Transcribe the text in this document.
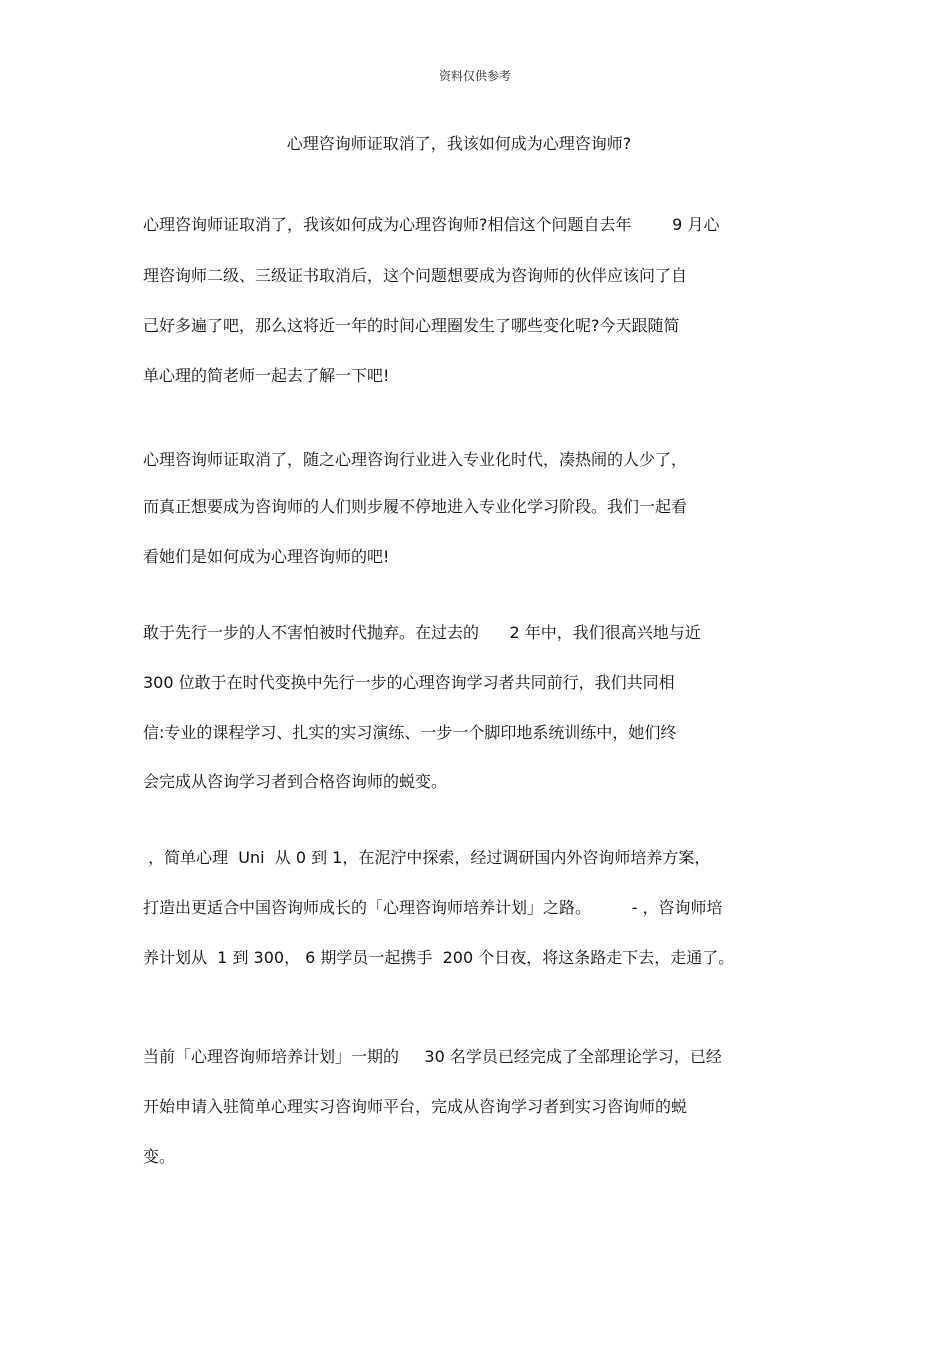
资料仅供参考
心理咨询师证取消了，我该如何成为心理咨询师?
心理咨询师证取消了，我该如何成为心理咨询师?相信这个问题自去年        9 月心
理咨询师二级、三级证书取消后，这个问题想要成为咨询师的伙伴应该问了自
己好多遍了吧，那么这将近一年的时间心理圈发生了哪些变化呢?今天跟随简
单心理的简老师一起去了解一下吧!
心理咨询师证取消了，随之心理咨询行业进入专业化时代，凑热闹的人少了，
而真正想要成为咨询师的人们则步履不停地进入专业化学习阶段。我们一起看
看她们是如何成为心理咨询师的吧!
敢于先行一步的人不害怕被时代抛弃。在过去的      2 年中，我们很高兴地与近
300 位敢于在时代变换中先行一步的心理咨询学习者共同前行，我们共同相
信:专业的课程学习、扎实的实习演练、一步一个脚印地系统训练中，她们终
会完成从咨询学习者到合格咨询师的蜕变。
，简单心理  Uni  从 0 到 1，在泥泞中探索，经过调研国内外咨询师培养方案，
打造出更适合中国咨询师成长的「心理咨询师培养计划」之路。        - ，咨询师培
养计划从  1 到 300， 6 期学员一起携手  200 个日夜，将这条路走下去，走通了。
当前「心理咨询师培养计划」一期的     30 名学员已经完成了全部理论学习，已经
开始申请入驻简单心理实习咨询师平台，完成从咨询学习者到实习咨询师的蜕
变。
